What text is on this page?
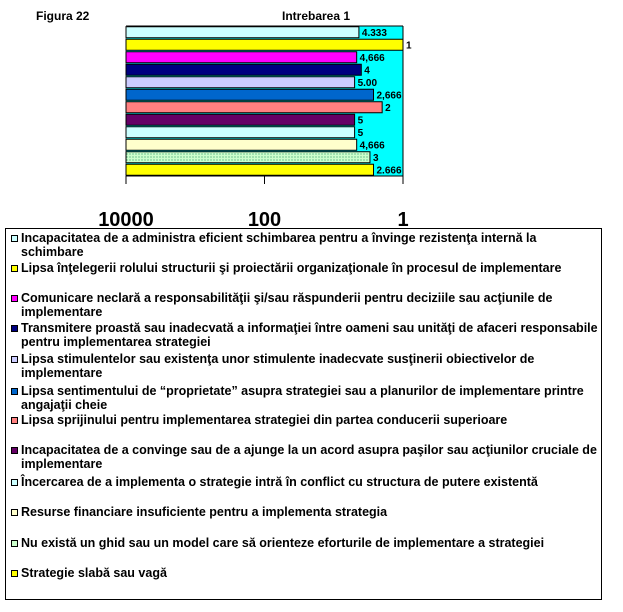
Figura 22	Intrebarea 1
4.333
1
4,666
4
5.00
2,666
2
5
5
4,666
3
2.666
10000	100	1
Incapacitatea de a administra eficient schimbarea pentru a învinge rezistenţa internă la schimbare
Lipsa înţelegerii rolului structurii şi proiectării organizaţionale în procesul de implementare
Comunicare neclară a responsabilităţii şi/sau răspunderii pentru deciziile sau acţiunile de implementare
Transmitere proastă sau inadecvată a informaţiei între oameni sau unităţi de afaceri responsabile pentru implementarea strategiei
Lipsa stimulentelor sau existenţa unor stimulente inadecvate susţinerii obiectivelor de implementare
Lipsa sentimentului de “proprietate” asupra strategiei sau a planurilor de implementare printre angajaţii cheie
Lipsa sprijinului pentru implementarea strategiei din partea conducerii superioare
Incapacitatea de a convinge sau de a ajunge la un acord asupra paşilor sau acţiunilor cruciale de implementare
Încercarea de a implementa o strategie intră în conflict cu structura de putere existentă
Resurse financiare insuficiente pentru a implementa strategia
Nu există un ghid sau un model care să orienteze eforturile de implementare a strategiei
Strategie slabă sau vagă
